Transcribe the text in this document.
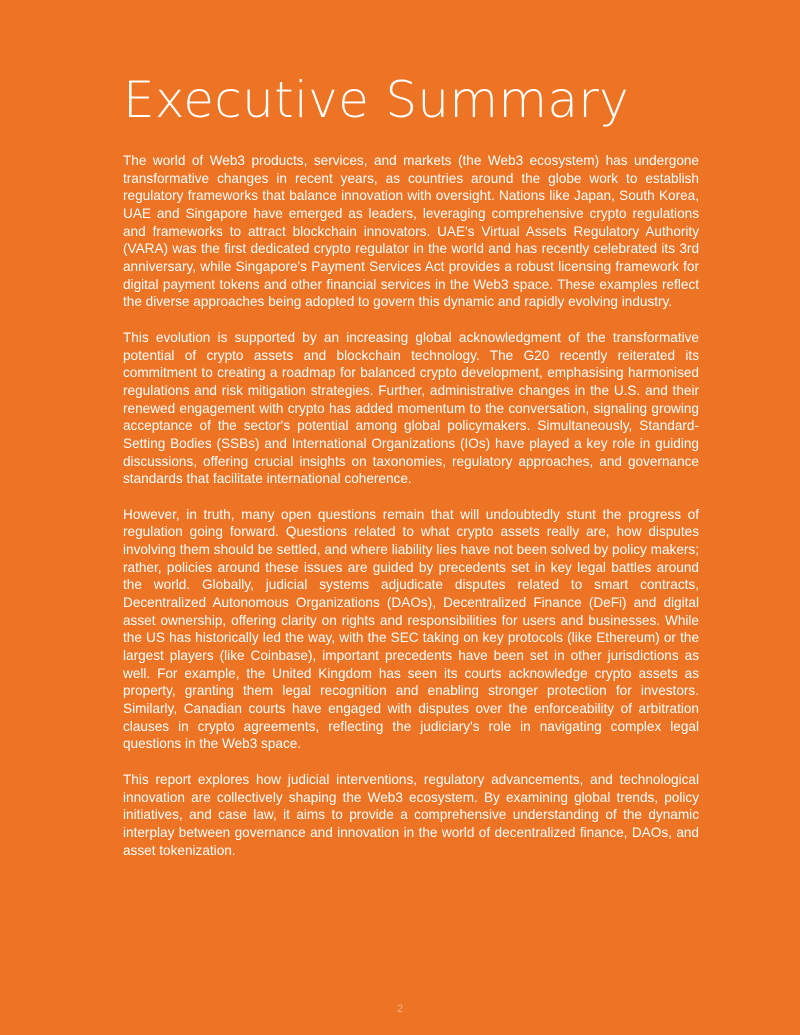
Executive Summary

The world of Web3 products, services, and markets (the Web3 ecosystem) has undergone transformative changes in recent years, as countries around the globe work to establish regulatory frameworks that balance innovation with oversight. Nations like Japan, South Korea, UAE and Singapore have emerged as leaders, leveraging comprehensive crypto regulations and frameworks to attract blockchain innovators. UAE's Virtual Assets Regulatory Authority (VARA) was the first dedicated crypto regulator in the world and has recently celebrated its 3rd anniversary, while Singapore's Payment Services Act provides a robust licensing framework for digital payment tokens and other financial services in the Web3 space. These examples reflect the diverse approaches being adopted to govern this dynamic and rapidly evolving industry.

This evolution is supported by an increasing global acknowledgment of the transformative potential of crypto assets and blockchain technology. The G20 recently reiterated its commitment to creating a roadmap for balanced crypto development, emphasising harmonised regulations and risk mitigation strategies. Further, administrative changes in the U.S. and their renewed engagement with crypto has added momentum to the conversation, signaling growing acceptance of the sector's potential among global policymakers. Simultaneously, Standard-Setting Bodies (SSBs) and International Organizations (IOs) have played a key role in guiding discussions, offering crucial insights on taxonomies, regulatory approaches, and governance standards that facilitate international coherence.

However, in truth, many open questions remain that will undoubtedly stunt the progress of regulation going forward. Questions related to what crypto assets really are, how disputes involving them should be settled, and where liability lies have not been solved by policy makers; rather, policies around these issues are guided by precedents set in key legal battles around the world. Globally, judicial systems adjudicate disputes related to smart contracts, Decentralized Autonomous Organizations (DAOs), Decentralized Finance (DeFi) and digital asset ownership, offering clarity on rights and responsibilities for users and businesses. While the US has historically led the way, with the SEC taking on key protocols (like Ethereum) or the largest players (like Coinbase), important precedents have been set in other jurisdictions as well. For example, the United Kingdom has seen its courts acknowledge crypto assets as property, granting them legal recognition and enabling stronger protection for investors. Similarly, Canadian courts have engaged with disputes over the enforceability of arbitration clauses in crypto agreements, reflecting the judiciary's role in navigating complex legal questions in the Web3 space.

This report explores how judicial interventions, regulatory advancements, and technological innovation are collectively shaping the Web3 ecosystem. By examining global trends, policy initiatives, and case law, it aims to provide a comprehensive understanding of the dynamic interplay between governance and innovation in the world of decentralized finance, DAOs, and asset tokenization.

2
